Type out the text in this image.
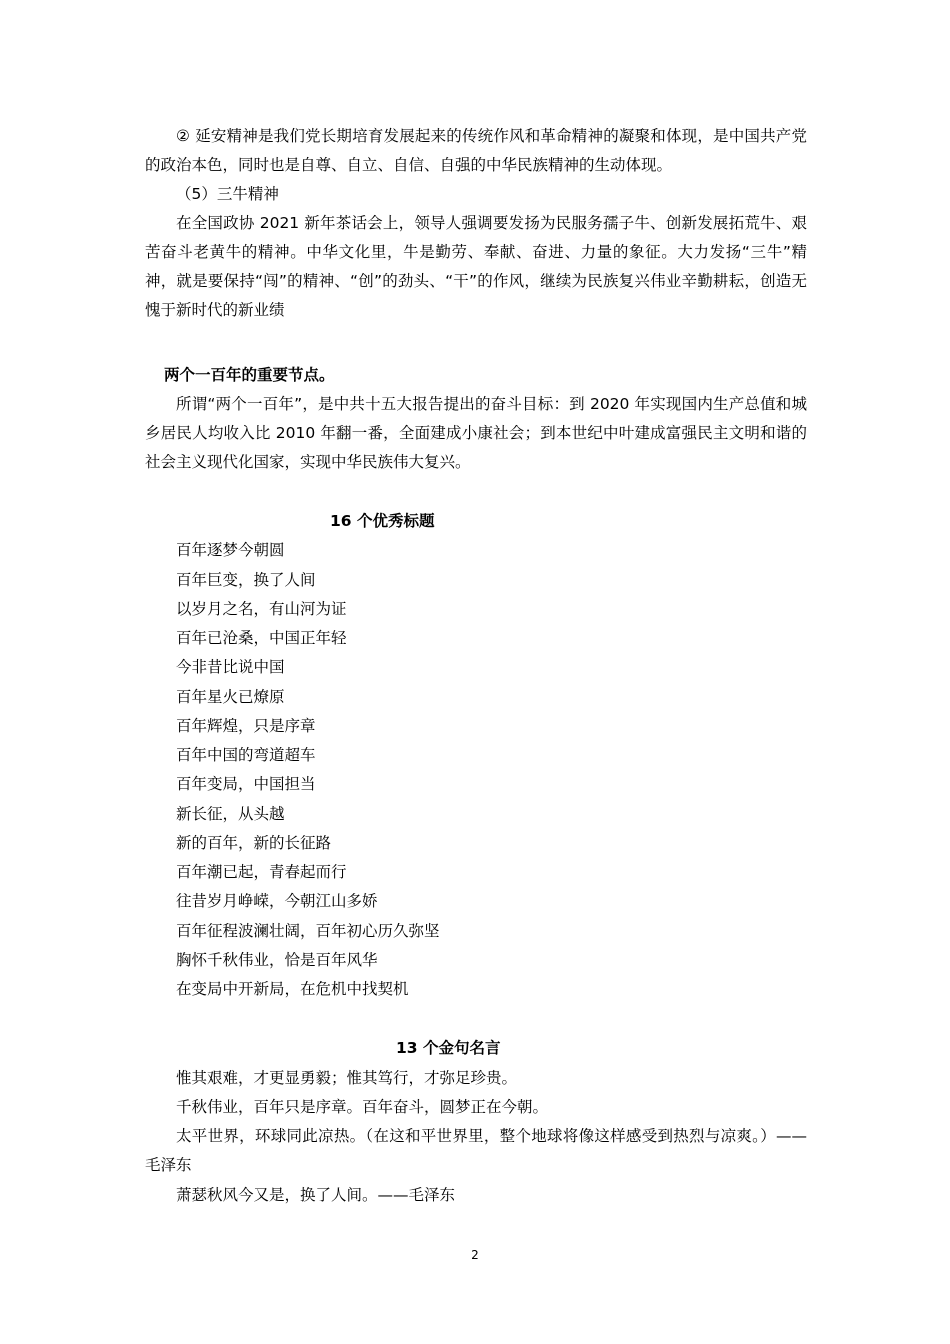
② 延安精神是我们党长期培育发展起来的传统作风和革命精神的凝聚和体现，是中国共产党的政治本色，同时也是自尊、自立、自信、自强的中华民族精神的生动体现。

（5）三牛精神

在全国政协 2021 新年茶话会上，领导人强调要发扬为民服务孺子牛、创新发展拓荒牛、艰苦奋斗老黄牛的精神。中华文化里，牛是勤劳、奉献、奋进、力量的象征。大力发扬“三牛”精神，就是要保持“闯”的精神、“创”的劲头、“干”的作风，继续为民族复兴伟业辛勤耕耘，创造无愧于新时代的新业绩

两个一百年的重要节点。

所谓“两个一百年”，是中共十五大报告提出的奋斗目标：到 2020 年实现国内生产总值和城乡居民人均收入比 2010 年翻一番，全面建成小康社会；到本世纪中叶建成富强民主文明和谐的社会主义现代化国家，实现中华民族伟大复兴。

16 个优秀标题

百年逐梦今朝圆

百年巨变，换了人间

以岁月之名，有山河为证

百年已沧桑，中国正年轻

今非昔比说中国

百年星火已燎原

百年辉煌，只是序章

百年中国的弯道超车

百年变局，中国担当

新长征，从头越

新的百年，新的长征路

百年潮已起，青春起而行

往昔岁月峥嵘，今朝江山多娇

百年征程波澜壮阔，百年初心历久弥坚

胸怀千秋伟业，恰是百年风华

在变局中开新局，在危机中找契机

13 个金句名言

惟其艰难，才更显勇毅；惟其笃行，才弥足珍贵。

千秋伟业，百年只是序章。百年奋斗，圆梦正在今朝。

太平世界，环球同此凉热。（在这和平世界里，整个地球将像这样感受到热烈与凉爽。）——毛泽东

萧瑟秋风今又是，换了人间。——毛泽东

2
